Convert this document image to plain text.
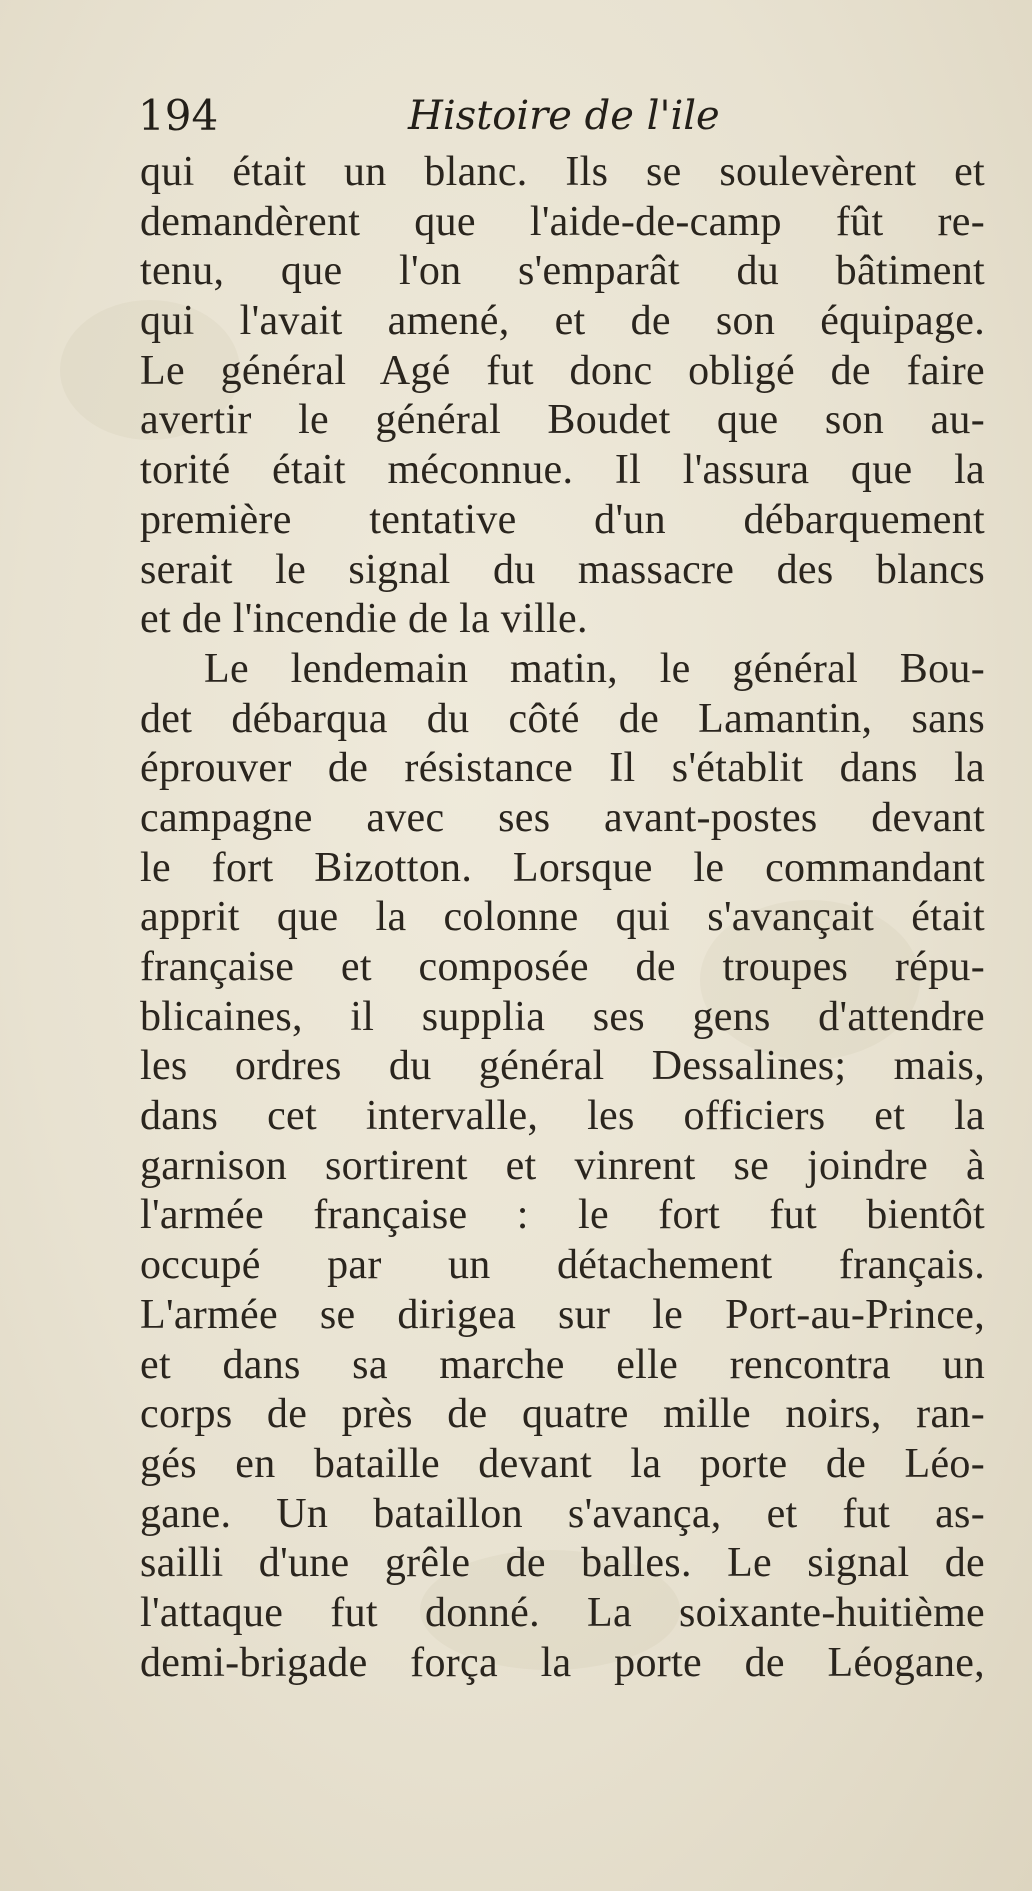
194	Histoire de l'ile
qui était un blanc. Ils se soulevèrent et
demandèrent que l'aide-de-camp fût re-
tenu, que l'on s'emparât du bâtiment
qui l'avait amené, et de son équipage.
Le général Agé fut donc obligé de faire
avertir le général Boudet que son au-
torité était méconnue. Il l'assura que la
première tentative d'un débarquement
serait le signal du massacre des blancs
et de l'incendie de la ville.
Le lendemain matin, le général Bou-
det débarqua du côté de Lamantin, sans
éprouver de résistance Il s'établit dans la
campagne avec ses avant-postes devant
le fort Bizotton. Lorsque le commandant
apprit que la colonne qui s'avançait était
française et composée de troupes répu-
blicaines, il supplia ses gens d'attendre
les ordres du général Dessalines; mais,
dans cet intervalle, les officiers et la
garnison sortirent et vinrent se joindre à
l'armée française : le fort fut bientôt
occupé par un détachement français.
L'armée se dirigea sur le Port-au-Prince,
et dans sa marche elle rencontra un
corps de près de quatre mille noirs, ran-
gés en bataille devant la porte de Léo-
gane. Un bataillon s'avança, et fut as-
sailli d'une grêle de balles. Le signal de
l'attaque fut donné. La soixante-huitième
demi-brigade força la porte de Léogane,
